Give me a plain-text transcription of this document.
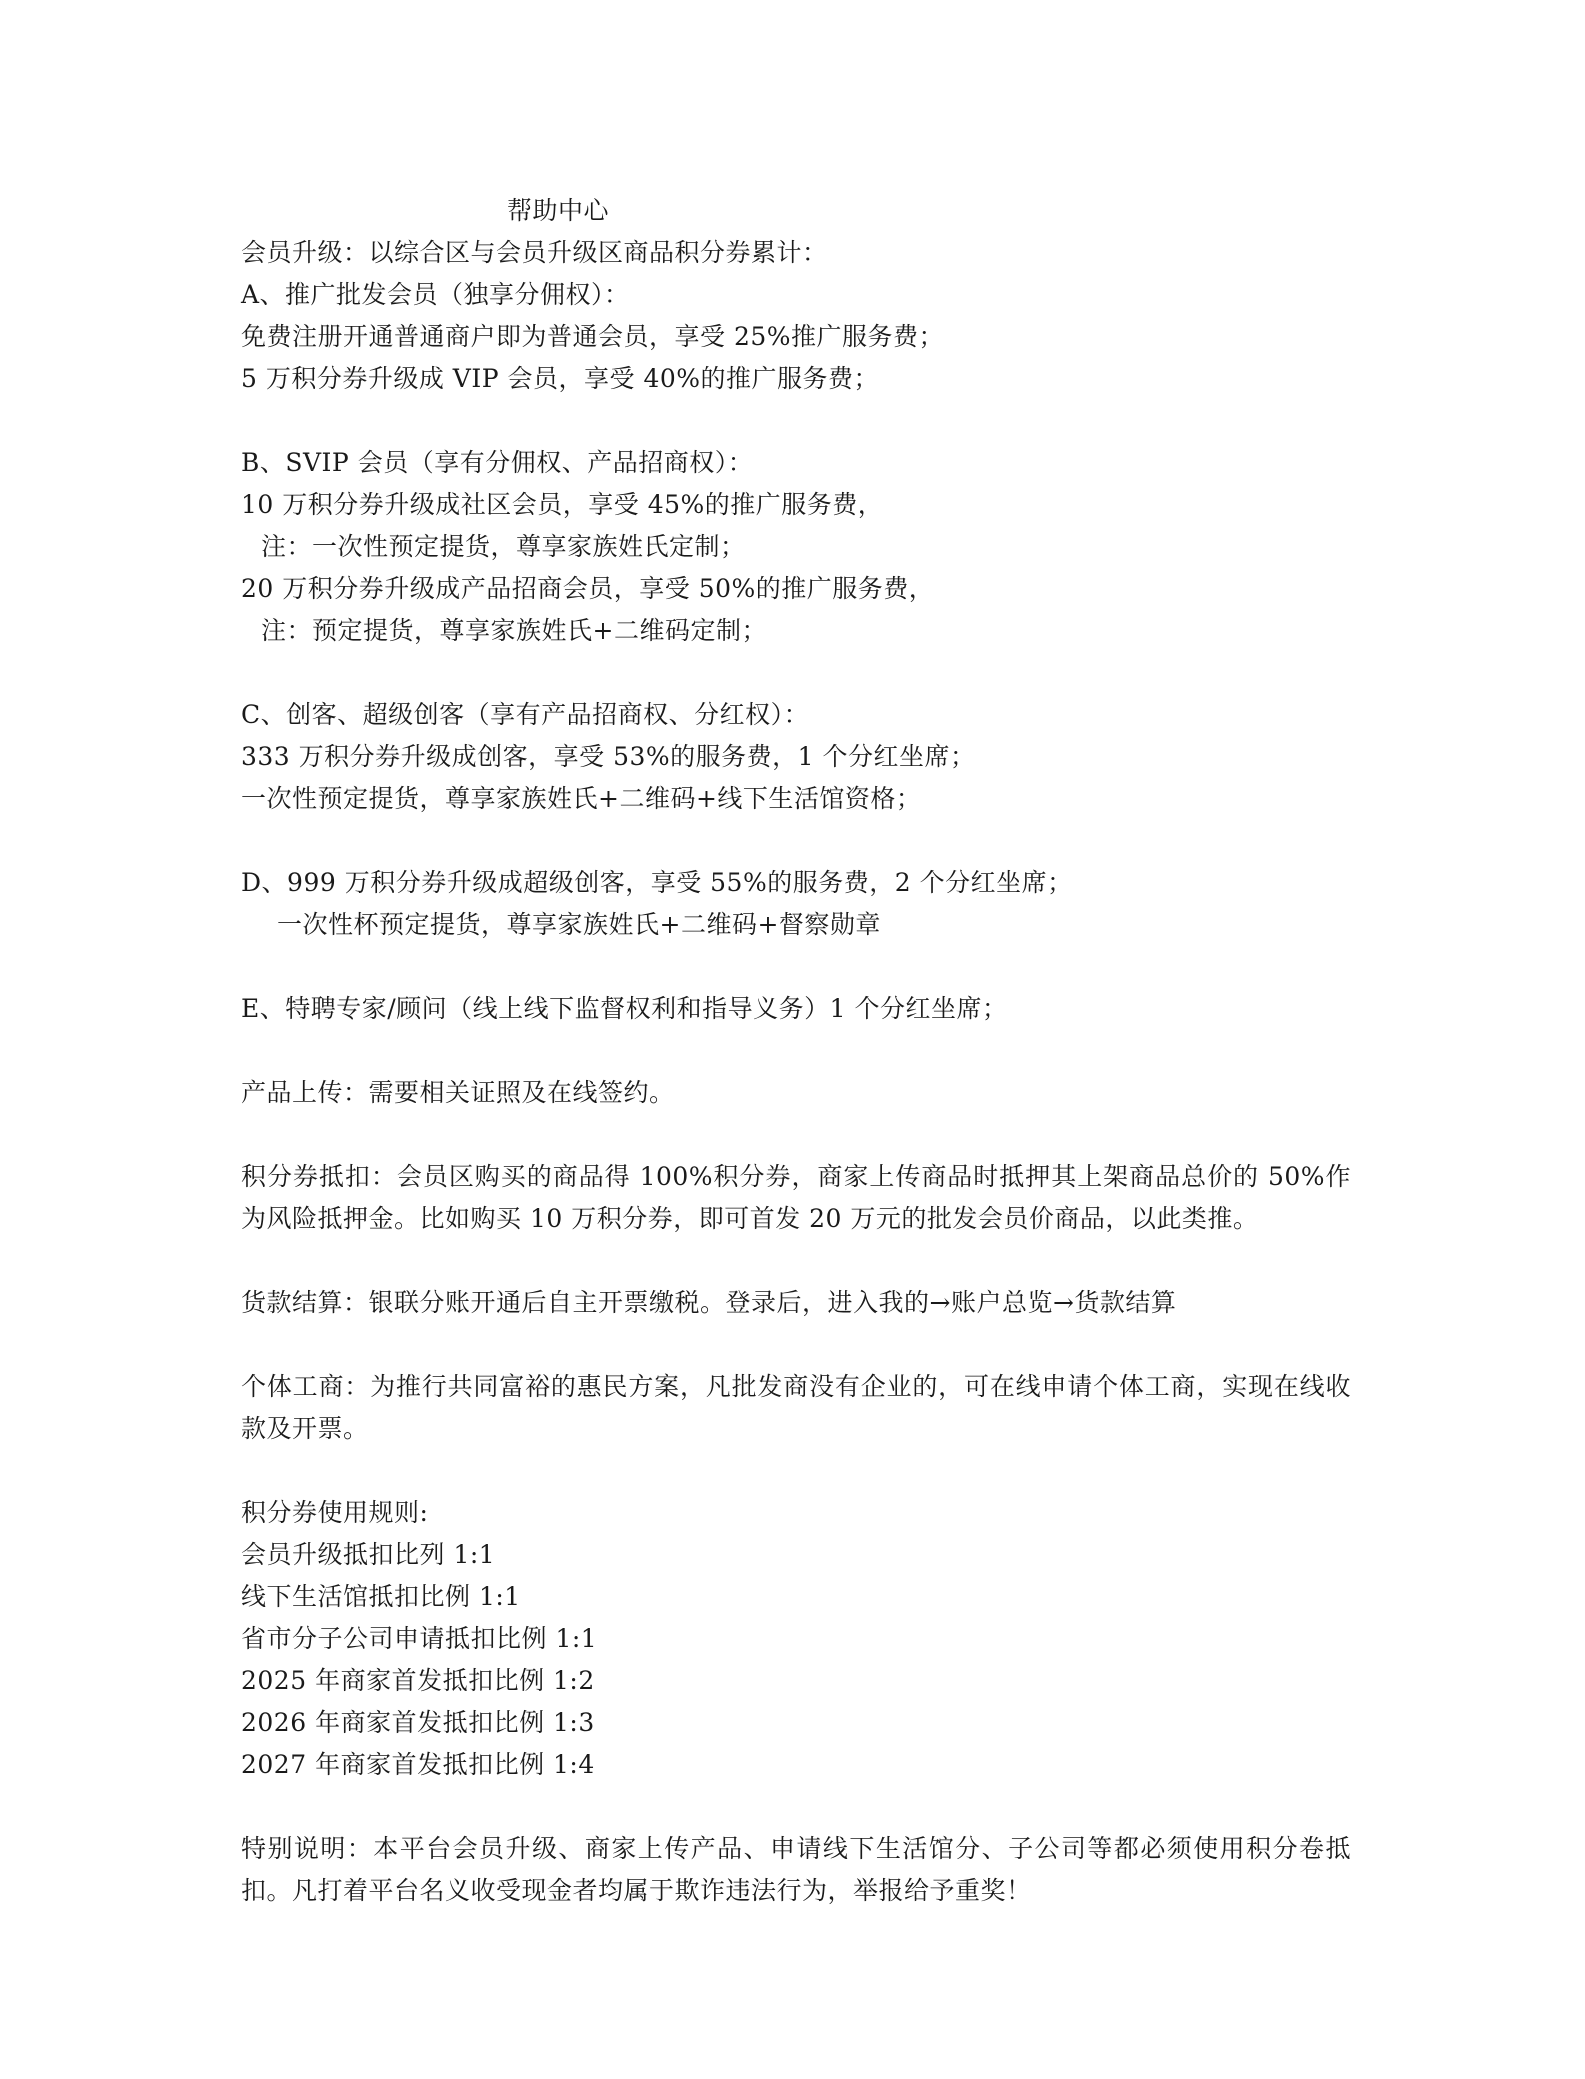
帮助中心
会员升级：以综合区与会员升级区商品积分券累计：
A、推广批发会员（独享分佣权）：
免费注册开通普通商户即为普通会员，享受 25%推广服务费；
5 万积分券升级成 VIP 会员，享受 40%的推广服务费；
B、SVIP 会员（享有分佣权、产品招商权）：
10 万积分券升级成社区会员，享受 45%的推广服务费，
注：一次性预定提货，尊享家族姓氏定制；
20 万积分券升级成产品招商会员，享受 50%的推广服务费，
注：预定提货，尊享家族姓氏+二维码定制；
C、创客、超级创客（享有产品招商权、分红权）：
333 万积分券升级成创客，享受 53%的服务费，1 个分红坐席；
一次性预定提货，尊享家族姓氏+二维码+线下生活馆资格；
D、999 万积分券升级成超级创客，享受 55%的服务费，2 个分红坐席；
一次性杯预定提货，尊享家族姓氏+二维码+督察勋章
E、特聘专家/顾问（线上线下监督权利和指导义务）1 个分红坐席；
产品上传：需要相关证照及在线签约。
积分券抵扣：会员区购买的商品得 100%积分券，商家上传商品时抵押其上架商品总价的 50%作为风险抵押金。比如购买 10 万积分券，即可首发 20 万元的批发会员价商品，以此类推。
货款结算：银联分账开通后自主开票缴税。登录后，进入我的→账户总览→货款结算
个体工商：为推行共同富裕的惠民方案，凡批发商没有企业的，可在线申请个体工商，实现在线收款及开票。
积分券使用规则:
会员升级抵扣比列 1:1
线下生活馆抵扣比例 1:1
省市分子公司申请抵扣比例 1:1
2025 年商家首发抵扣比例 1:2
2026 年商家首发抵扣比例 1:3
2027 年商家首发抵扣比例 1:4
特别说明：本平台会员升级、商家上传产品、申请线下生活馆分、子公司等都必须使用积分卷抵扣。凡打着平台名义收受现金者均属于欺诈违法行为，举报给予重奖！
